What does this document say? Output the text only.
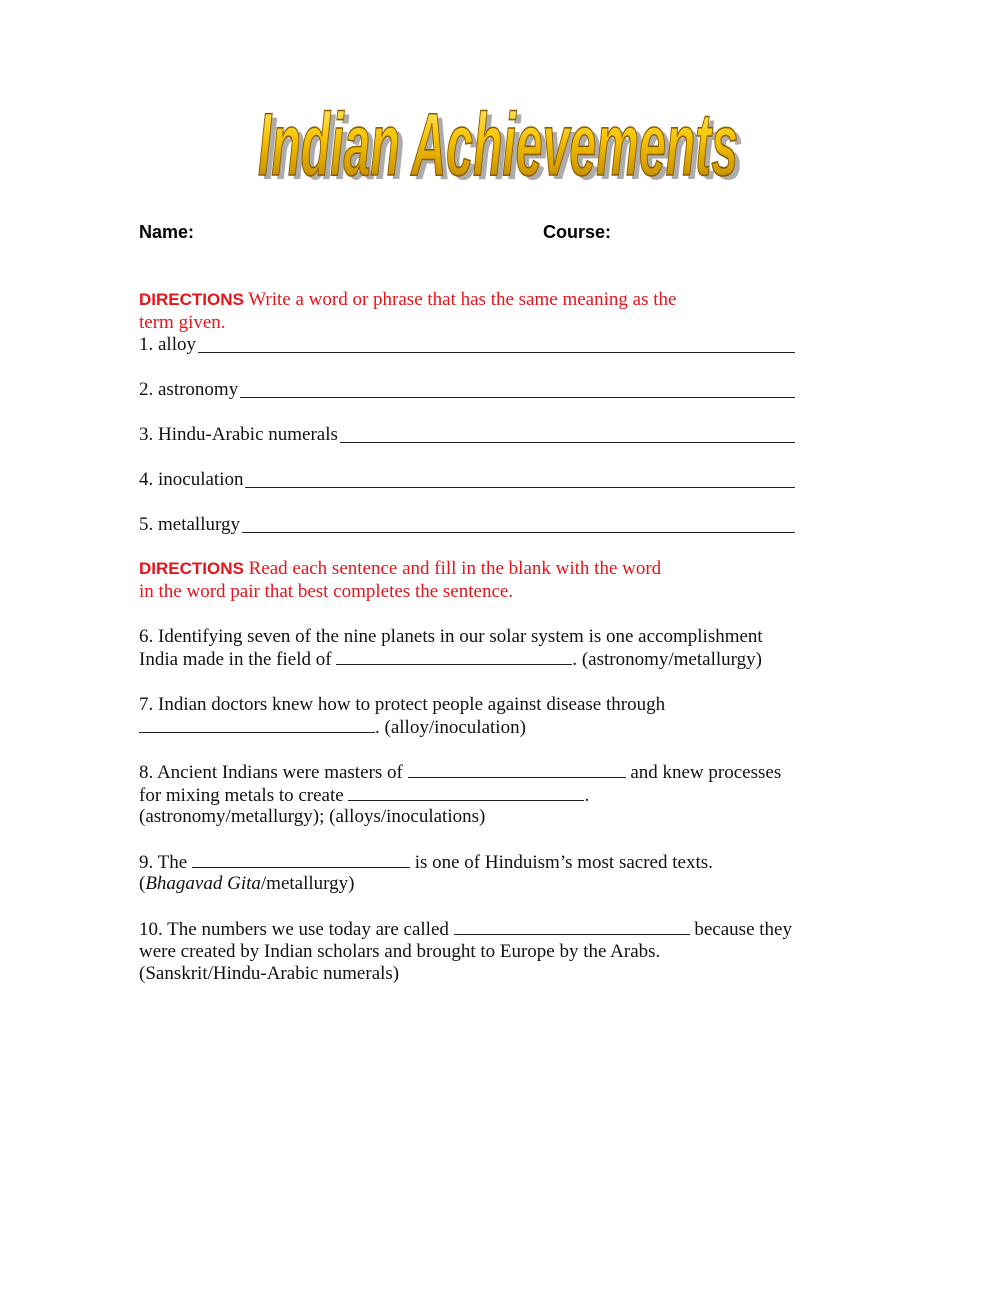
Indian Achievements
Indian Achievements
Name:	Course:
DIRECTIONS Write a word or phrase that has the same meaning as the
term given.
1. alloy
2. astronomy
3. Hindu-Arabic numerals
4. inoculation
5. metallurgy
DIRECTIONS Read each sentence and fill in the blank with the word
in the word pair that best completes the sentence.
6. Identifying seven of the nine planets in our solar system is one accomplishment
India made in the field of	. (astronomy/metallurgy)
7. Indian doctors knew how to protect people against disease through
. (alloy/inoculation)
8. Ancient Indians were masters of	and knew processes
for mixing metals to create	.
(astronomy/metallurgy); (alloys/inoculations)
9. The	is one of Hinduism’s most sacred texts.
(Bhagavad Gita/metallurgy)
10. The numbers we use today are called	because they
were created by Indian scholars and brought to Europe by the Arabs.
(Sanskrit/Hindu-Arabic numerals)
